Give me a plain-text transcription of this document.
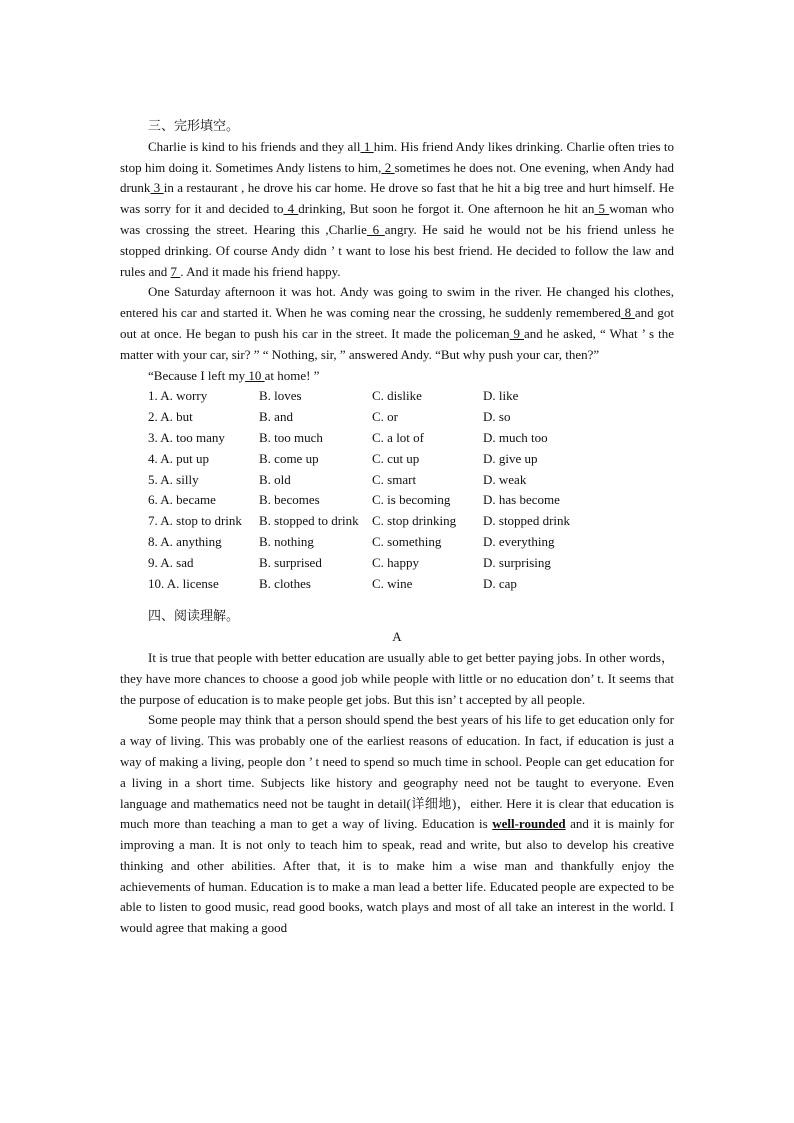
三、完形填空。

Charlie is kind to his friends and they all 1 him. His friend Andy likes drinking. Charlie often tries to stop him doing it. Sometimes Andy listens to him, 2 sometimes he does not. One evening, when Andy had drunk 3 in a restaurant , he drove his car home. He drove so fast that he hit a big tree and hurt himself. He was sorry for it and decided to 4 drinking, But soon he forgot it. One afternoon he hit an 5 woman who was crossing the street. Hearing this ,Charlie 6 angry. He said he would not be his friend unless he stopped drinking. Of course Andy didn ’ t want to lose his best friend. He decided to follow the law and rules and 7 . And it made his friend happy.

One Saturday afternoon it was hot. Andy was going to swim in the river. He changed his clothes, entered his car and started it. When he was coming near the crossing, he suddenly remembered 8 and got out at once. He began to push his car in the street. It made the policeman 9 and he asked, “ What ’ s the matter with your car, sir? ” “ Nothing, sir, ” answered Andy. “But why push your car, then?”

“Because I left my 10 at home! ”

1. A. worry	B. loves	C. dislike	D. like
2. A. but	B. and	C. or	D. so
3. A. too many	B. too much	C. a lot of	D. much too
4. A. put up	B. come up	C. cut up	D. give up
5. A. silly	B. old	C. smart	D. weak
6. A. became	B. becomes	C. is becoming	D. has become
7. A. stop to drink	B. stopped to drink	C. stop drinking	D. stopped drink
8. A. anything	B. nothing	C. something	D. everything
9. A. sad	B. surprised	C. happy	D. surprising
10. A. license	B. clothes	C. wine	D. cap

四、阅读理解。

A

It is true that people with better education are usually able to get better paying jobs. In other words，they have more chances to choose a good job while people with little or no education don’ t. It seems that the purpose of education is to make people get jobs. But this isn’ t accepted by all people.

Some people may think that a person should spend the best years of his life to get education only for a way of living. This was probably one of the earliest reasons of education. In fact, if education is just a way of making a living, people don ’ t need to spend so much time in school. People can get education for a living in a short time. Subjects like history and geography need not be taught to everyone. Even language and mathematics need not be taught in detail(详细地)，either. Here it is clear that education is much more than teaching a man to get a way of living. Education is well-rounded and it is mainly for improving a man. It is not only to teach him to speak, read and write, but also to develop his creative thinking and other abilities. After that, it is to make him a wise man and thankfully enjoy the achievements of human. Education is to make a man lead a better life. Educated people are expected to be able to listen to good music, read good books, watch plays and most of all take an interest in the world. I would agree that making a good
